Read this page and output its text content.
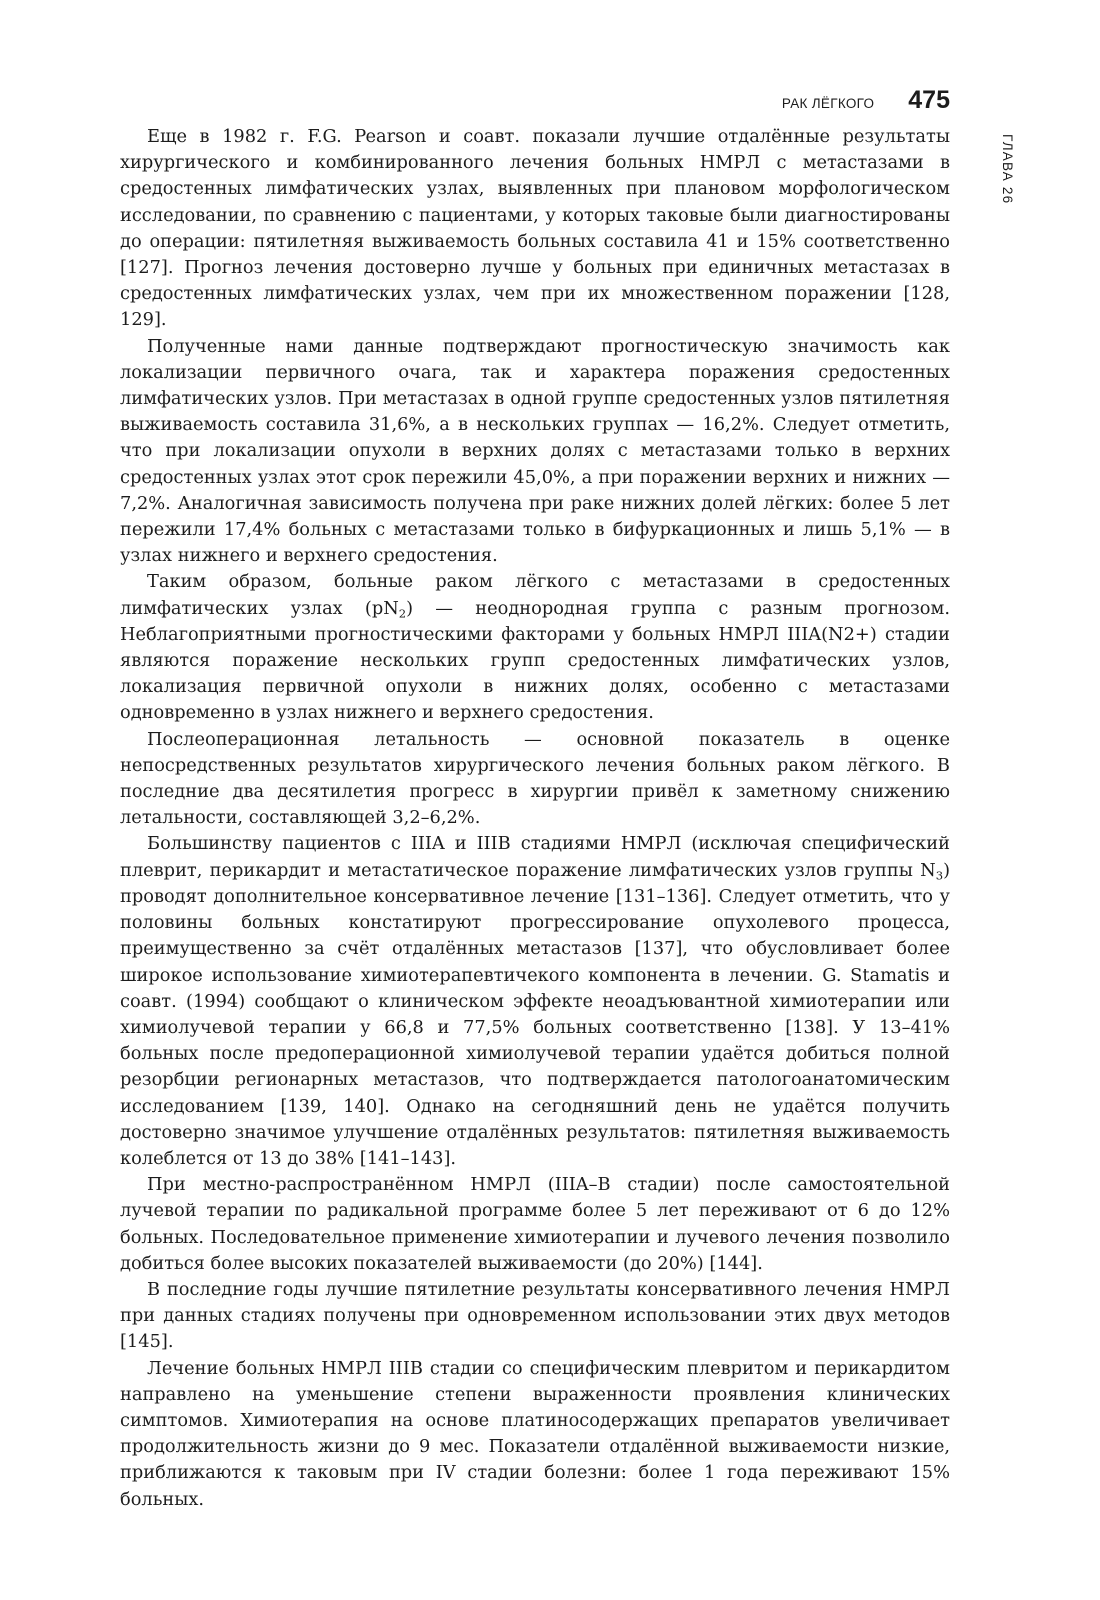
РАК ЛЁГКОГО 475
ГЛАВА 26

Еще в 1982 г. F.G. Pearson и соавт. показали лучшие отдалённые результаты хирургического и комбинированного лечения больных НМРЛ с метастазами в средостенных лимфатических узлах, выявленных при плановом морфологическом исследовании, по сравнению с пациентами, у которых таковые были диагностированы до операции: пятилетняя выживаемость больных составила 41 и 15% соответственно [127]. Прогноз лечения достоверно лучше у больных при единичных метастазах в средостенных лимфатических узлах, чем при их множественном поражении [128, 129].

Полученные нами данные подтверждают прогностическую значимость как локализации первичного очага, так и характера поражения средостенных лимфатических узлов. При метастазах в одной группе средостенных узлов пятилетняя выживаемость составила 31,6%, а в нескольких группах — 16,2%. Следует отметить, что при локализации опухоли в верхних долях с метастазами только в верхних средостенных узлах этот срок пережили 45,0%, а при поражении верхних и нижних — 7,2%. Аналогичная зависимость получена при раке нижних долей лёгких: более 5 лет пережили 17,4% больных с метастазами только в бифуркационных и лишь 5,1% — в узлах нижнего и верхнего средостения.

Таким образом, больные раком лёгкого с метастазами в средостенных лимфатических узлах $(pN_2)$ — неоднородная группа с разным прогнозом. Неблагоприятными прогностическими факторами у больных НМРЛ IIIA(N2+) стадии являются поражение нескольких групп средостенных лимфатических узлов, локализация первичной опухоли в нижних долях, особенно с метастазами одновременно в узлах нижнего и верхнего средостения.

Послеоперационная летальность — основной показатель в оценке непосредственных результатов хирургического лечения больных раком лёгкого. В последние два десятилетия прогресс в хирургии привёл к заметному снижению летальности, составляющей 3,2–6,2%.

Большинству пациентов с IIIA и IIIB стадиями НМРЛ (исключая специфический плеврит, перикардит и метастатическое поражение лимфатических узлов группы $N_3$) проводят дополнительное консервативное лечение [131–136]. Следует отметить, что у половины больных констатируют прогрессирование опухолевого процесса, преимущественно за счёт отдалённых метастазов [137], что обусловливает более широкое использование химиотерапевтичекого компонента в лечении. G. Stamatis и соавт. (1994) сообщают о клиническом эффекте неоадъювантной химиотерапии или химиолучевой терапии у 66,8 и 77,5% больных соответственно [138]. У 13–41% больных после предоперационной химиолучевой терапии удаётся добиться полной резорбции регионарных метастазов, что подтверждается патологоанатомическим исследованием [139, 140]. Однако на сегодняшний день не удаётся получить достоверно значимое улучшение отдалённых результатов: пятилетняя выживаемость колеблется от 13 до 38% [141–143].

При местно-распространённом НМРЛ (IIIA–B стадии) после самостоятельной лучевой терапии по радикальной программе более 5 лет переживают от 6 до 12% больных. Последовательное применение химиотерапии и лучевого лечения позволило добиться более высоких показателей выживаемости (до 20%) [144].

В последние годы лучшие пятилетние результаты консервативного лечения НМРЛ при данных стадиях получены при одновременном использовании этих двух методов [145].

Лечение больных НМРЛ IIIB стадии со специфическим плевритом и перикардитом направлено на уменьшение степени выраженности проявления клинических симптомов. Химиотерапия на основе платиносодержащих препаратов увеличивает продолжительность жизни до 9 мес. Показатели отдалённой выживаемости низкие, приближаются к таковым при IV стадии болезни: более 1 года переживают 15% больных.
